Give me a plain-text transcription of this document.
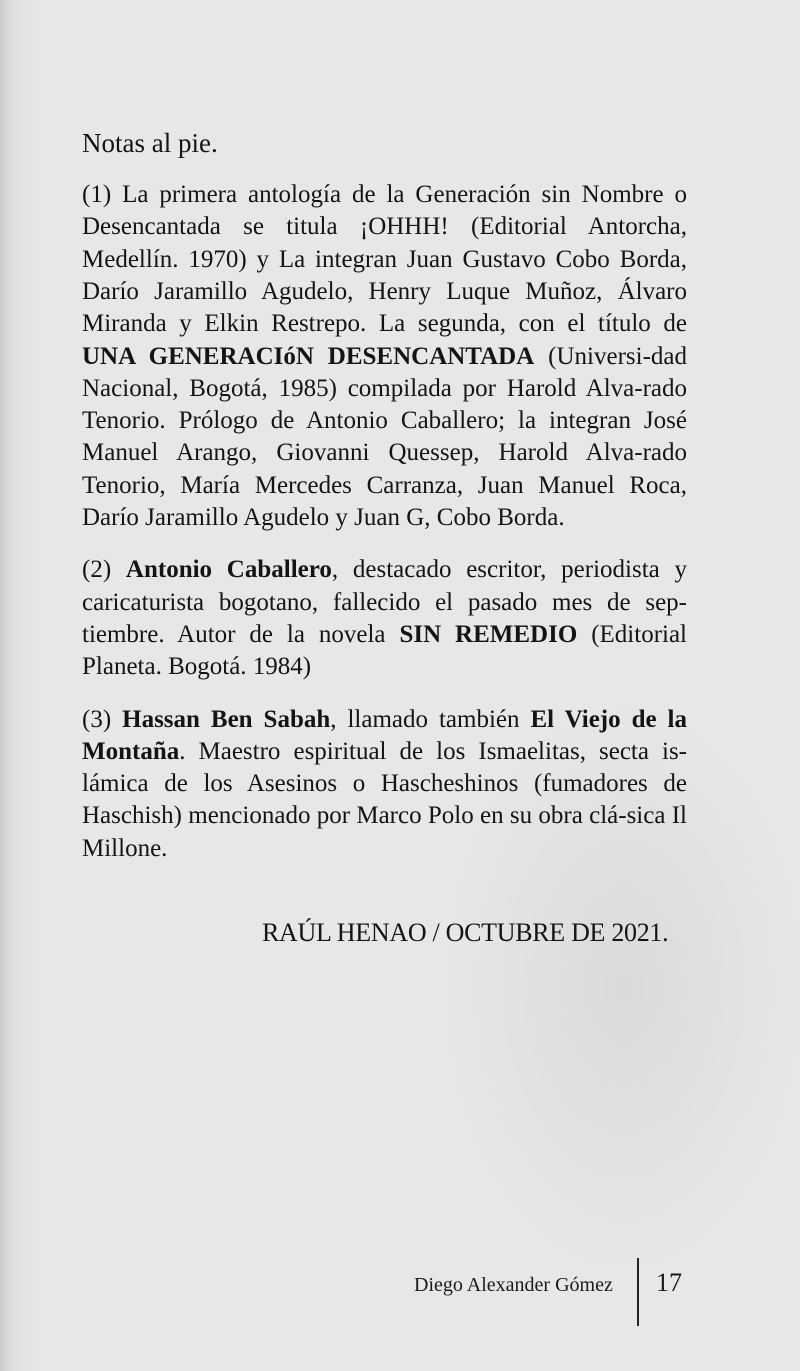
Notas al pie.

(1) La primera antología de la Generación sin Nombre o Desencantada se titula ¡OHHH! (Editorial Antorcha, Medellín. 1970) y La integran Juan Gustavo Cobo Borda, Darío Jaramillo Agudelo, Henry Luque Muñoz, Álvaro Miranda y Elkin Restrepo. La segunda, con el título de UNA GENERACIóN DESENCANTADA (Universi-dad Nacional, Bogotá, 1985) compilada por Harold Alva-rado Tenorio. Prólogo de Antonio Caballero; la integran José Manuel Arango, Giovanni Quessep, Harold Alva-rado Tenorio, María Mercedes Carranza, Juan Manuel Roca, Darío Jaramillo Agudelo y Juan G, Cobo Borda.

(2) Antonio Caballero, destacado escritor, periodista y caricaturista bogotano, fallecido el pasado mes de sep-tiembre. Autor de la novela SIN REMEDIO (Editorial Planeta. Bogotá. 1984)

(3) Hassan Ben Sabah, llamado también El Viejo de la Montaña. Maestro espiritual de los Ismaelitas, secta is-lámica de los Asesinos o Hascheshinos (fumadores de Haschish) mencionado por Marco Polo en su obra clá-sica Il Millone.

RAÚL HENAO / OCTUBRE DE 2021.
Diego Alexander Gómez 17
